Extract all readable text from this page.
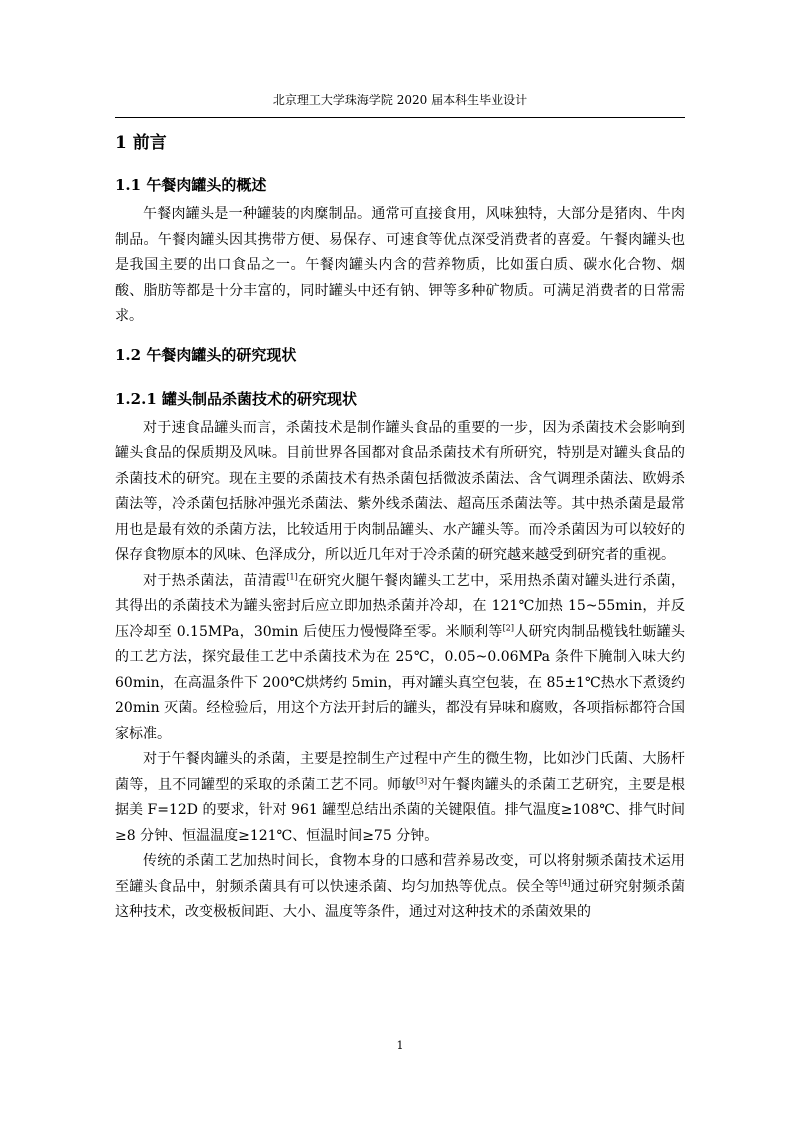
北京理工大学珠海学院 2020 届本科生毕业设计
1 前言
1.1 午餐肉罐头的概述

午餐肉罐头是一种罐装的肉糜制品。通常可直接食用，风味独特，大部分是猪肉、牛肉制品。午餐肉罐头因其携带方便、易保存、可速食等优点深受消费者的喜爱。午餐肉罐头也是我国主要的出口食品之一。午餐肉罐头内含的营养物质，比如蛋白质、碳水化合物、烟酸、脂肪等都是十分丰富的，同时罐头中还有钠、钾等多种矿物质。可满足消费者的日常需求。

1.2 午餐肉罐头的研究现状
1.2.1 罐头制品杀菌技术的研究现状

对于速食品罐头而言，杀菌技术是制作罐头食品的重要的一步，因为杀菌技术会影响到罐头食品的保质期及风味。目前世界各国都对食品杀菌技术有所研究，特别是对罐头食品的杀菌技术的研究。现在主要的杀菌技术有热杀菌包括微波杀菌法、含气调理杀菌法、欧姆杀菌法等，冷杀菌包括脉冲强光杀菌法、紫外线杀菌法、超高压杀菌法等。其中热杀菌是最常用也是最有效的杀菌方法，比较适用于肉制品罐头、水产罐头等。而冷杀菌因为可以较好的保存食物原本的风味、色泽成分，所以近几年对于冷杀菌的研究越来越受到研究者的重视。

对于热杀菌法，苗清霞[1]在研究火腿午餐肉罐头工艺中，采用热杀菌对罐头进行杀菌，其得出的杀菌技术为罐头密封后应立即加热杀菌并冷却，在 121℃加热 15~55min，并反压冷却至 0.15MPa，30min 后使压力慢慢降至零。米顺利等[2]人研究肉制品榄钱牡蛎罐头的工艺方法，探究最佳工艺中杀菌技术为在 25℃，0.05~0.06MPa 条件下腌制入味大约 60min，在高温条件下 200℃烘烤约 5min，再对罐头真空包装，在 85±1℃热水下煮烫约 20min 灭菌。经检验后，用这个方法开封后的罐头，都没有异味和腐败，各项指标都符合国家标准。

对于午餐肉罐头的杀菌，主要是控制生产过程中产生的微生物，比如沙门氏菌、大肠杆菌等，且不同罐型的采取的杀菌工艺不同。师敏[3]对午餐肉罐头的杀菌工艺研究，主要是根据美 F=12D 的要求，针对 961 罐型总结出杀菌的关键限值。排气温度≥108℃、排气时间≥8 分钟、恒温温度≥121℃、恒温时间≥75 分钟。

传统的杀菌工艺加热时间长，食物本身的口感和营养易改变，可以将射频杀菌技术运用至罐头食品中，射频杀菌具有可以快速杀菌、均匀加热等优点。侯全等[4]通过研究射频杀菌这种技术，改变极板间距、大小、温度等条件，通过对这种技术的杀菌效果的

1
